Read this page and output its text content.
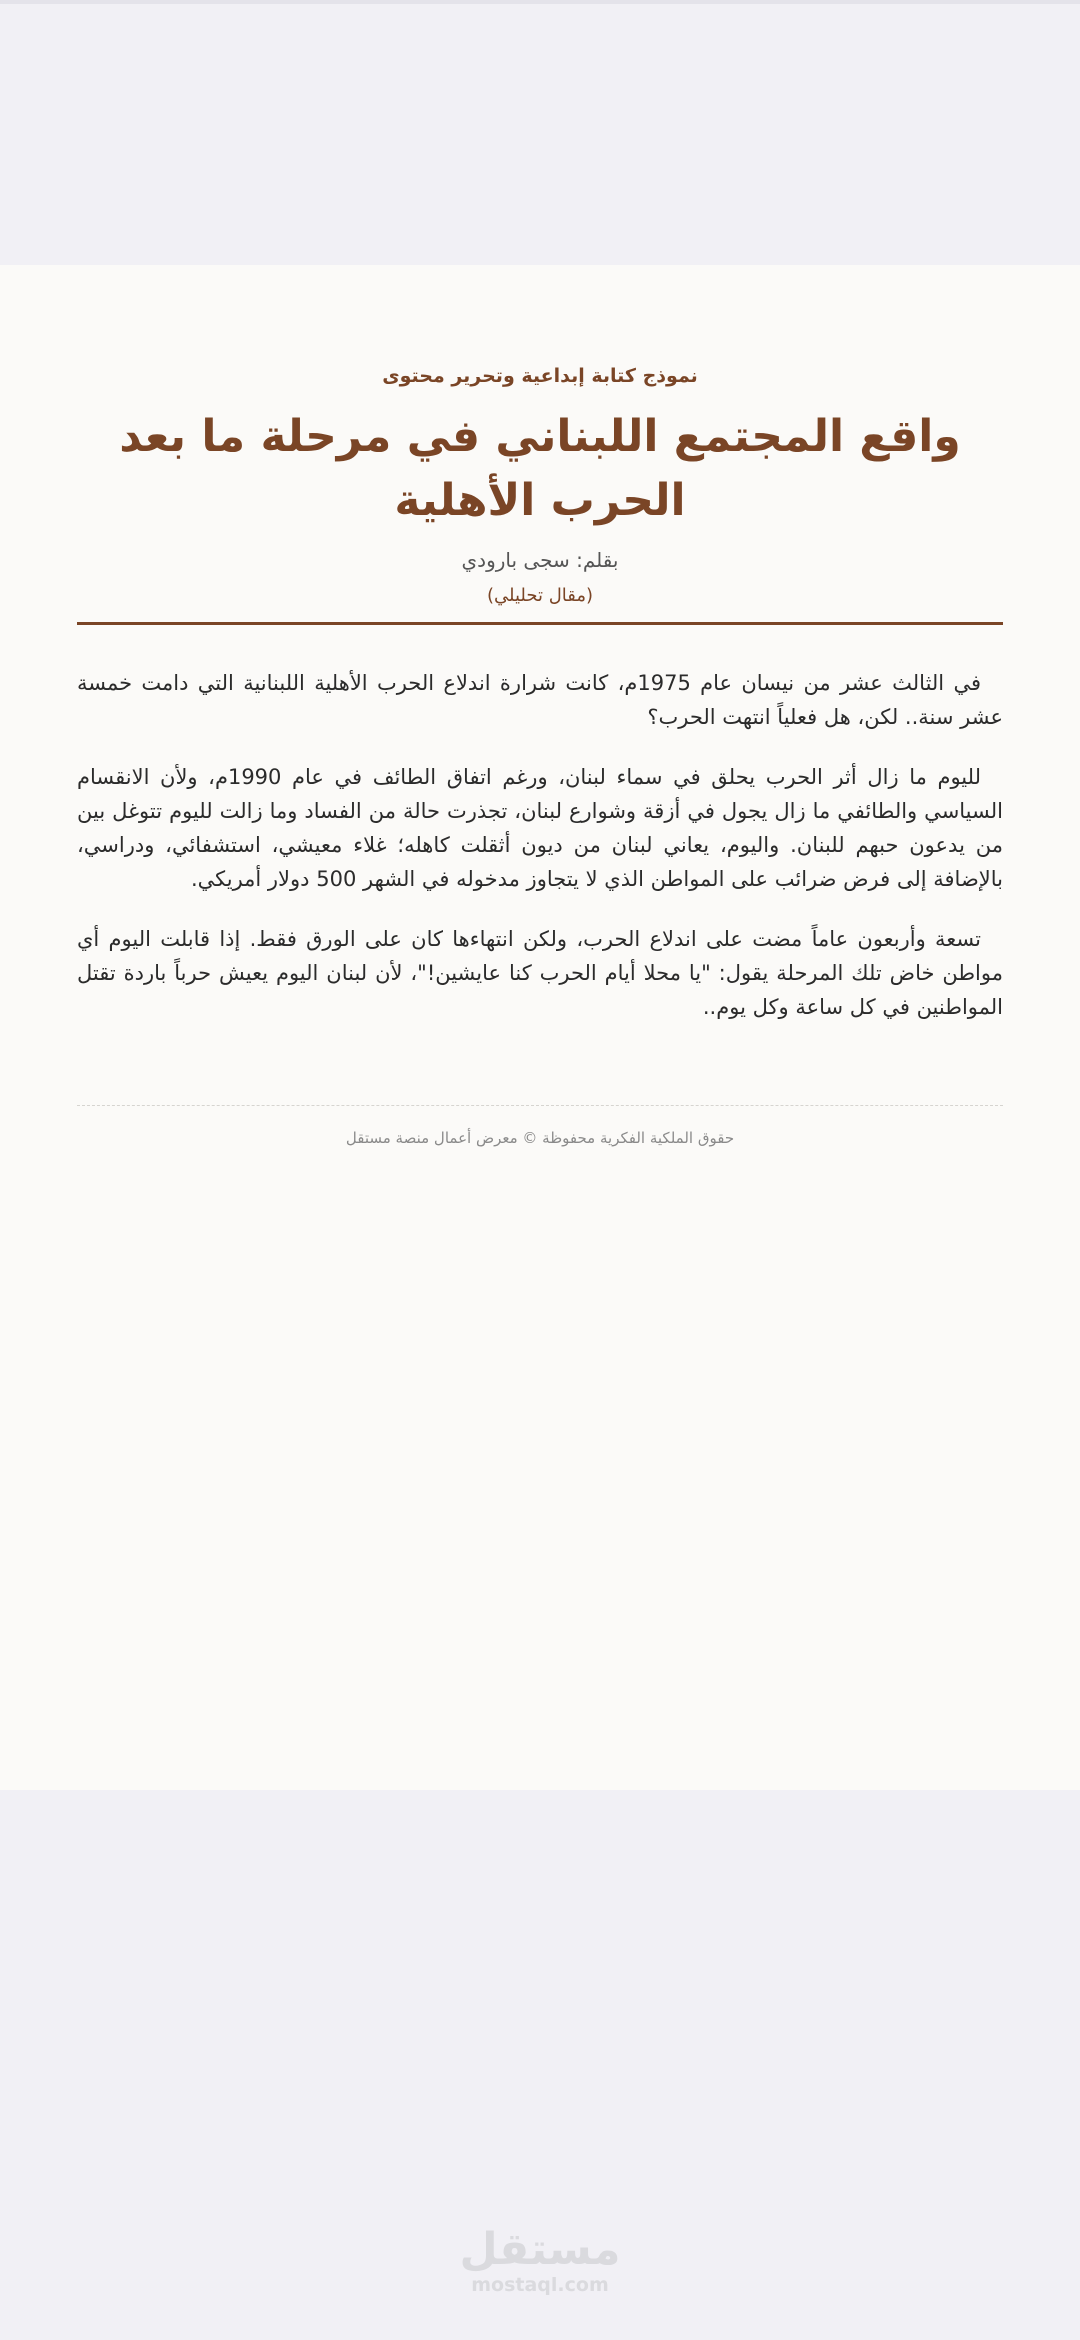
نموذج كتابة إبداعية وتحرير محتوى
واقع المجتمع اللبناني في مرحلة ما بعد الحرب الأهلية
بقلم: سجى بارودي
(مقال تحليلي)

في الثالث عشر من نيسان عام 1975م، كانت شرارة اندلاع الحرب الأهلية اللبنانية التي دامت خمسة عشر سنة.. لكن، هل فعلياً انتهت الحرب؟

لليوم ما زال أثر الحرب يحلق في سماء لبنان، ورغم اتفاق الطائف في عام 1990م، ولأن الانقسام السياسي والطائفي ما زال يجول في أزقة وشوارع لبنان، تجذرت حالة من الفساد وما زالت لليوم تتوغل بين من يدعون حبهم للبنان. واليوم، يعاني لبنان من ديون أثقلت كاهله؛ غلاء معيشي، استشفائي، ودراسي، بالإضافة إلى فرض ضرائب على المواطن الذي لا يتجاوز مدخوله في الشهر 500 دولار أمريكي.

تسعة وأربعون عاماً مضت على اندلاع الحرب، ولكن انتهاءها كان على الورق فقط. إذا قابلت اليوم أي مواطن خاض تلك المرحلة يقول: "يا محلا أيام الحرب كنا عايشين!"، لأن لبنان اليوم يعيش حرباً باردة تقتل المواطنين في كل ساعة وكل يوم..

حقوق الملكية الفكرية محفوظة © معرض أعمال منصة مستقل
مستقل
mostaql.com
